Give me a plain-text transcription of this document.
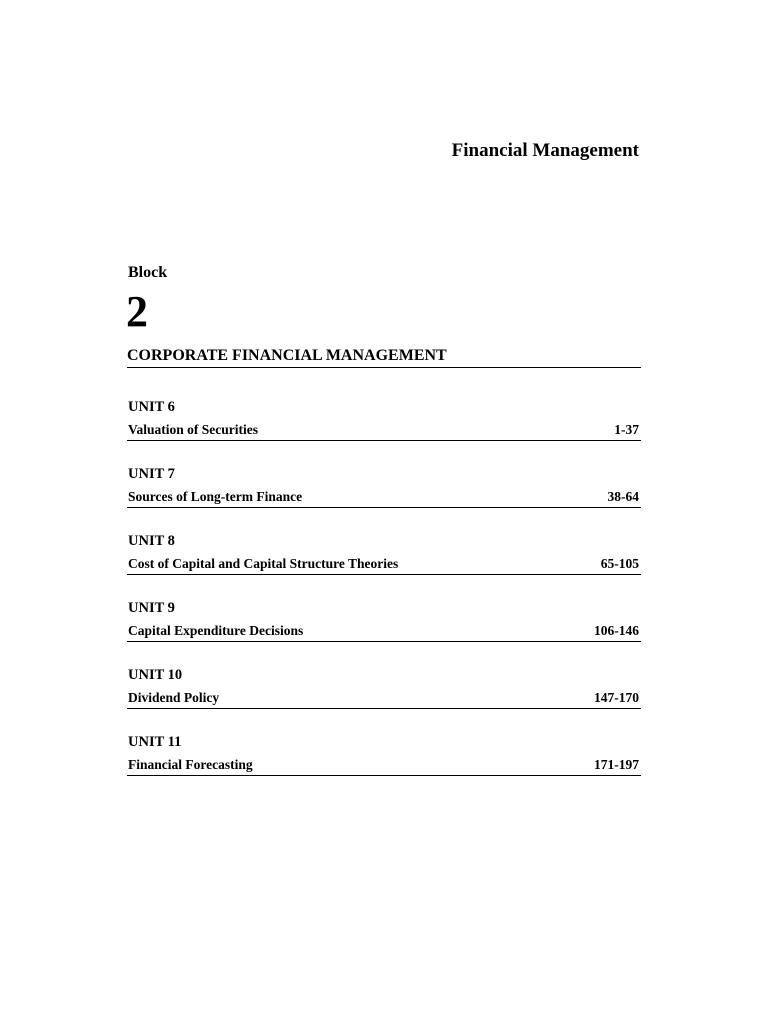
Financial Management
Block
2
CORPORATE FINANCIAL MANAGEMENT
UNIT 6
Valuation of Securities	1-37
UNIT 7
Sources of Long-term Finance	38-64
UNIT 8
Cost of Capital and Capital Structure Theories	65-105
UNIT 9
Capital Expenditure Decisions	106-146
UNIT 10
Dividend Policy	147-170
UNIT 11
Financial Forecasting	171-197
